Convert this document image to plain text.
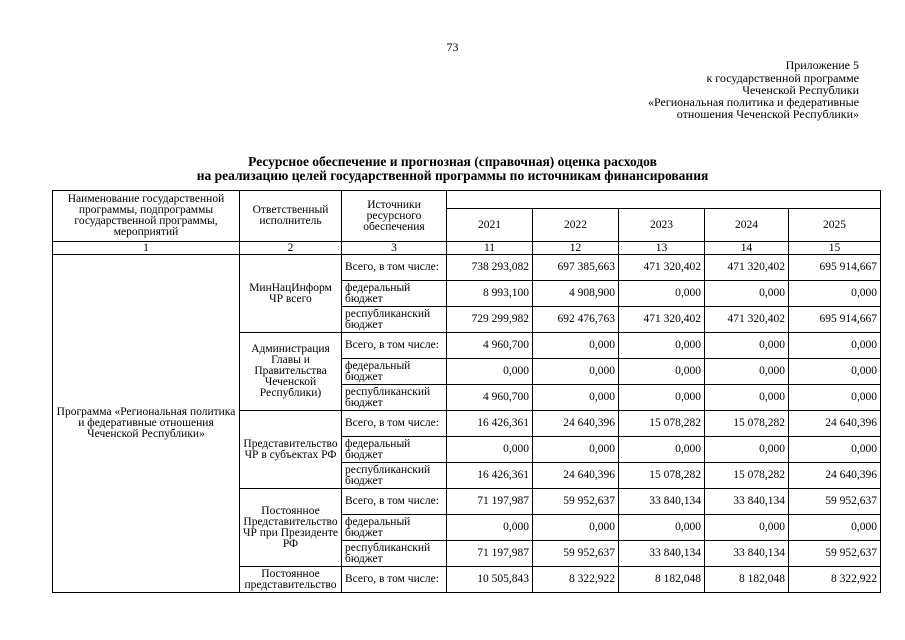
73
Приложение 5
к государственной программе
Чеченской Республики
«Региональная политика и федеративные
отношения Чеченской Республики»
Ресурсное обеспечение и прогнозная (справочная) оценка расходов
на реализацию целей государственной программы по источникам финансирования
Наименование государственной программы, подпрограммы государственной программы, мероприятий	Ответственный исполнитель	Источники ресурсного обеспечения					
			2021	2022	2023	2024	2025
1	2	3	11	12	13	14	15
Программа «Региональная политика и федеративные отношения Чеченской Республики»	МинНацИнформ ЧР всего	Всего, в том числе:	738 293,082	697 385,663	471 320,402	471 320,402	695 914,667
		федеральный бюджет	8 993,100	4 908,900	0,000	0,000	0,000
		республиканский бюджет	729 299,982	692 476,763	471 320,402	471 320,402	695 914,667
	Администрация Главы и Правительства Чеченской Республики)	Всего, в том числе:	4 960,700	0,000	0,000	0,000	0,000
		федеральный бюджет	0,000	0,000	0,000	0,000	0,000
		республиканский бюджет	4 960,700	0,000	0,000	0,000	0,000
	Представительство ЧР в субъектах РФ	Всего, в том числе:	16 426,361	24 640,396	15 078,282	15 078,282	24 640,396
		федеральный бюджет	0,000	0,000	0,000	0,000	0,000
		республиканский бюджет	16 426,361	24 640,396	15 078,282	15 078,282	24 640,396
	Постоянное Представительство ЧР при Президенте РФ	Всего, в том числе:	71 197,987	59 952,637	33 840,134	33 840,134	59 952,637
		федеральный бюджет	0,000	0,000	0,000	0,000	0,000
		республиканский бюджет	71 197,987	59 952,637	33 840,134	33 840,134	59 952,637
	Постоянное представительство	Всего, в том числе:	10 505,843	8 322,922	8 182,048	8 182,048	8 322,922
